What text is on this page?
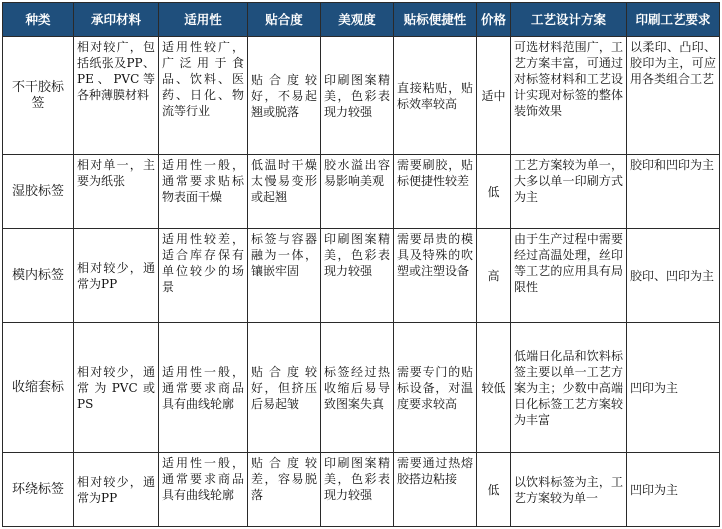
种类	承印材料	适用性	贴合度	美观度	贴标便捷性	价格	工艺设计方案	印刷工艺要求
不干胶标签	相对较广，包括纸张及PP、PE、PVC等各种薄膜材料	适用性较广，广泛用于食品、饮料、医药、日化、物流等行业	贴合度较好，不易起翘或脱落	印刷图案精美，色彩表现力较强	直接粘贴，贴标效率较高	适中	可选材料范围广，工艺方案丰富，可通过对标签材料和工艺设计实现对标签的整体装饰效果	以柔印、凸印、胶印为主，可应用各类组合工艺
湿胶标签	相对单一，主要为纸张	适用性一般，通常要求贴标物表面干燥	低温时干燥太慢易变形或起翘	胶水溢出容易影响美观	需要刷胶，贴标便捷性较差	低	工艺方案较为单一，大多以单一印刷方式为主	胶印和凹印为主
模内标签	相对较少，通常为PP	适用性较差，适合库存保有单位较少的场景	标签与容器融为一体，镶嵌牢固	印刷图案精美，色彩表现力较强	需要昂贵的模具及特殊的吹塑或注塑设备	高	由于生产过程中需要经过高温处理，丝印等工艺的应用具有局限性	胶印、凹印为主
收缩套标	相对较少，通常为PVC或PS	适用性一般，通常要求商品具有曲线轮廓	贴合度较好，但挤压后易起皱	标签经过热收缩后易导致图案失真	需要专门的贴标设备，对温度要求较高	较低	低端日化品和饮料标签主要以单一工艺方案为主；少数中高端日化标签工艺方案较为丰富	凹印为主
环绕标签	相对较少，通常为PP	适用性一般，通常要求商品具有曲线轮廓	贴合度较差，容易脱落	印刷图案精美，色彩表现力较强	需要通过热熔胶搭边粘接	低	以饮料标签为主，工艺方案较为单一	凹印为主
